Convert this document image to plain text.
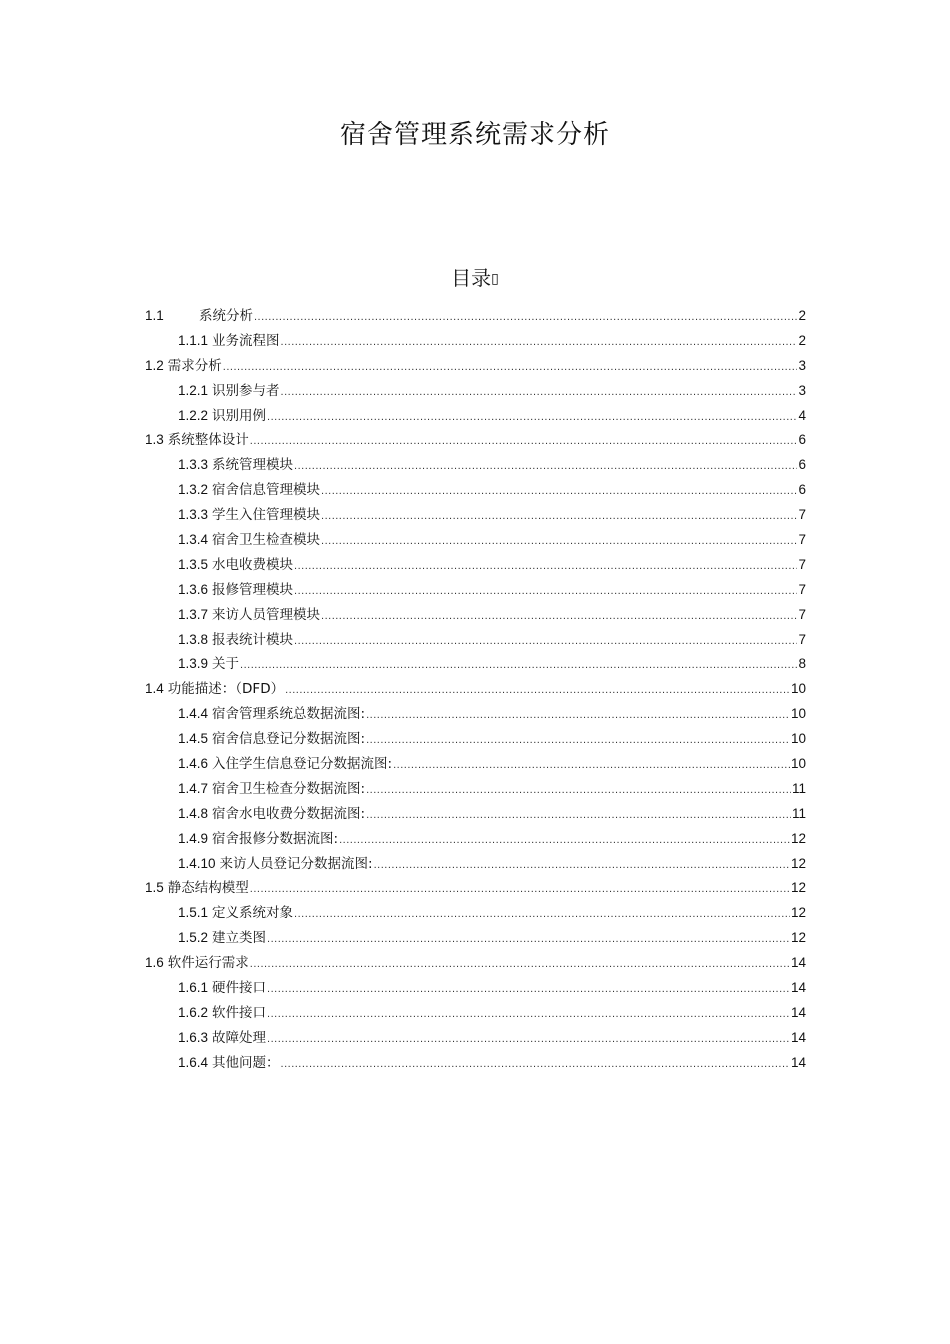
宿舍管理系统需求分析
目录▯
1.1	系统分析 .....	2
1.1.1 业务流程图 .....	2
1.2 需求分析 .....	3
1.2.1 识别参与者 .....	3
1.2.2 识别用例 .....	4
1.3 系统整体设计 .....	6
1.3.3 系统管理模块 .....	6
1.3.2 宿舍信息管理模块 .....	6
1.3.3 学生入住管理模块 .....	7
1.3.4 宿舍卫生检查模块 .....	7
1.3.5 水电收费模块 .....	7
1.3.6 报修管理模块 .....	7
1.3.7 来访人员管理模块 .....	7
1.3.8 报表统计模块 .....	7
1.3.9 关于 .....	8
1.4 功能描述：（DFD） .....	10
1.4.4 宿舍管理系统总数据流图: .....	10
1.4.5 宿舍信息登记分数据流图: .....	10
1.4.6 入住学生信息登记分数据流图: .....	10
1.4.7 宿舍卫生检查分数据流图: .....	11
1.4.8 宿舍水电收费分数据流图: .....	11
1.4.9 宿舍报修分数据流图: .....	12
1.4.10 来访人员登记分数据流图: .....	12
1.5 静态结构模型 .....	12
1.5.1 定义系统对象 .....	12
1.5.2 建立类图 .....	12
1.6 软件运行需求 .....	14
1.6.1 硬件接口 .....	14
1.6.2 软件接口 .....	14
1.6.3 故障处理 .....	14
1.6.4 其他问题： .....	14
